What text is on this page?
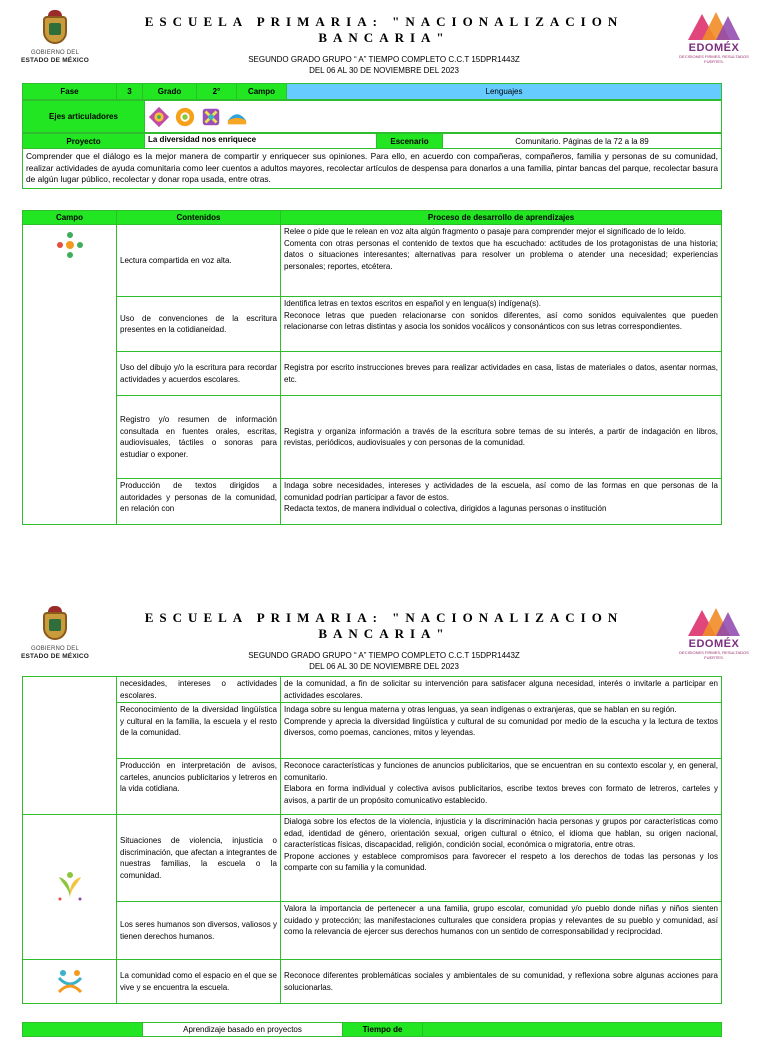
GOBIERNO DEL
ESTADO DE MÉXICO
ESCUELA PRIMARIA: "NACIONALIZACION BANCARIA"
SEGUNDO GRADO GRUPO “ A” TIEMPO COMPLETO C.C.T 15DPR1443Z
DEL 06 AL 30 DE NOVIEMBRE DEL 2023
EDOMÉX
DECISIONES FIRMES, RESULTADOS FUERTES.
Fase	3	Grado	2°	Campo	Lenguajes
Ejes articuladores	
Proyecto	La diversidad nos enriquece	Escenario	Comunitario. Páginas de la 72 a la 89
Comprender que el diálogo es la mejor manera de compartir y enriquecer sus opiniones. Para ello, en acuerdo con compañeras, compañeros, familia y personas de su comunidad, realizar actividades de ayuda comunitaria como leer cuentos a adultos mayores, recolectar artículos de despensa para donarlos a una familia, pintar bancas del parque, recolectar basura de algún lugar público, recolectar y donar ropa usada, entre otras.
Campo	Contenidos	Proceso de desarrollo de aprendizajes

	Lectura compartida en voz alta.	Relee o pide que le relean en voz alta algún fragmento o pasaje para comprender mejor el significado de lo leído.
Comenta con otras personas el contenido de textos que ha escuchado: actitudes de los protagonistas de una historia; datos o situaciones interesantes; alternativas para resolver un problema o atender una necesidad; experiencias personales; reportes, etcétera.
	Uso de convenciones de la escritura presentes en la cotidianeidad.	Identifica letras en textos escritos en español y en lengua(s) indígena(s).
Reconoce letras que pueden relacionarse con sonidos diferentes, así como sonidos equivalentes que pueden relacionarse con letras distintas y asocia los sonidos vocálicos y consonánticos con sus letras correspondientes.
	Uso del dibujo y/o la escritura para recordar actividades y acuerdos escolares.	Registra por escrito instrucciones breves para realizar actividades en casa, listas de materiales o datos, asentar normas, etc.
	Registro y/o resumen de información consultada en fuentes orales, escritas, audiovisuales, táctiles o sonoras para estudiar o exponer.	Registra y organiza información a través de la escritura sobre temas de su interés, a partir de indagación en libros, revistas, periódicos, audiovisuales y con personas de la comunidad.
	Producción de textos dirigidos a autoridades y personas de la comunidad, en relación con	Indaga sobre necesidades, intereses y actividades de la escuela, así como de las formas en que personas de la comunidad podrían participar a favor de estos.
Redacta textos, de manera individual o colectiva, dirigidos a lagunas personas o institución
GOBIERNO DEL
ESTADO DE MÉXICO
ESCUELA PRIMARIA: "NACIONALIZACION BANCARIA"
SEGUNDO GRADO GRUPO “ A” TIEMPO COMPLETO C.C.T 15DPR1443Z
DEL 06 AL 30 DE NOVIEMBRE DEL 2023
EDOMÉX
DECISIONES FIRMES, RESULTADOS FUERTES.
	necesidades, intereses o actividades escolares.	de la comunidad, a fin de solicitar su intervención para satisfacer alguna necesidad, interés o invitarle a participar en actividades escolares.
	Reconocimiento de la diversidad lingüística y cultural en la familia, la escuela y el resto de la comunidad.	Indaga sobre su lengua materna y otras lenguas, ya sean indígenas o extranjeras, que se hablan en su región.
Comprende y aprecia la diversidad lingüística y cultural de su comunidad por medio de la escucha y la lectura de textos diversos, como poemas, canciones, mitos y leyendas.
	Producción en interpretación de avisos, carteles, anuncios publicitarios y letreros en la vida cotidiana.	Reconoce características y funciones de anuncios publicitarios, que se encuentran en su contexto escolar y, en general, comunitario.
Elabora en forma individual y colectiva avisos publicitarios, escribe textos breves con formato de letreros, carteles y avisos, a partir de un propósito comunicativo establecido.
	Situaciones de violencia, injusticia o discriminación, que afectan a integrantes de nuestras familias, la escuela o la comunidad.	Dialoga sobre los efectos de la violencia, injusticia y la discriminación hacia personas y grupos por características como edad, identidad de género, orientación sexual, origen cultural o étnico, el idioma que hablan, su origen nacional, características físicas, discapacidad, religión, condición social, económica o migratoria, entre otras.
Propone acciones y establece compromisos para favorecer el respeto a los derechos de todas las personas y los comparte con su familia y la comunidad.
	Los seres humanos son diversos, valiosos y tienen derechos humanos.	Valora la importancia de pertenecer a una familia, grupo escolar, comunidad y/o pueblo donde niñas y niños sienten cuidado y protección; las manifestaciones culturales que considera propias y relevantes de su pueblo y comunidad, así como la relevancia de ejercer sus derechos humanos con un sentido de corresponsabilidad y reciprocidad.
	La comunidad como el espacio en el que se vive y se encuentra la escuela.	Reconoce diferentes problemáticas sociales y ambientales de su comunidad, y reflexiona sobre algunas acciones para solucionarlas.
	Aprendizaje basado en proyectos	Tiempo de	
